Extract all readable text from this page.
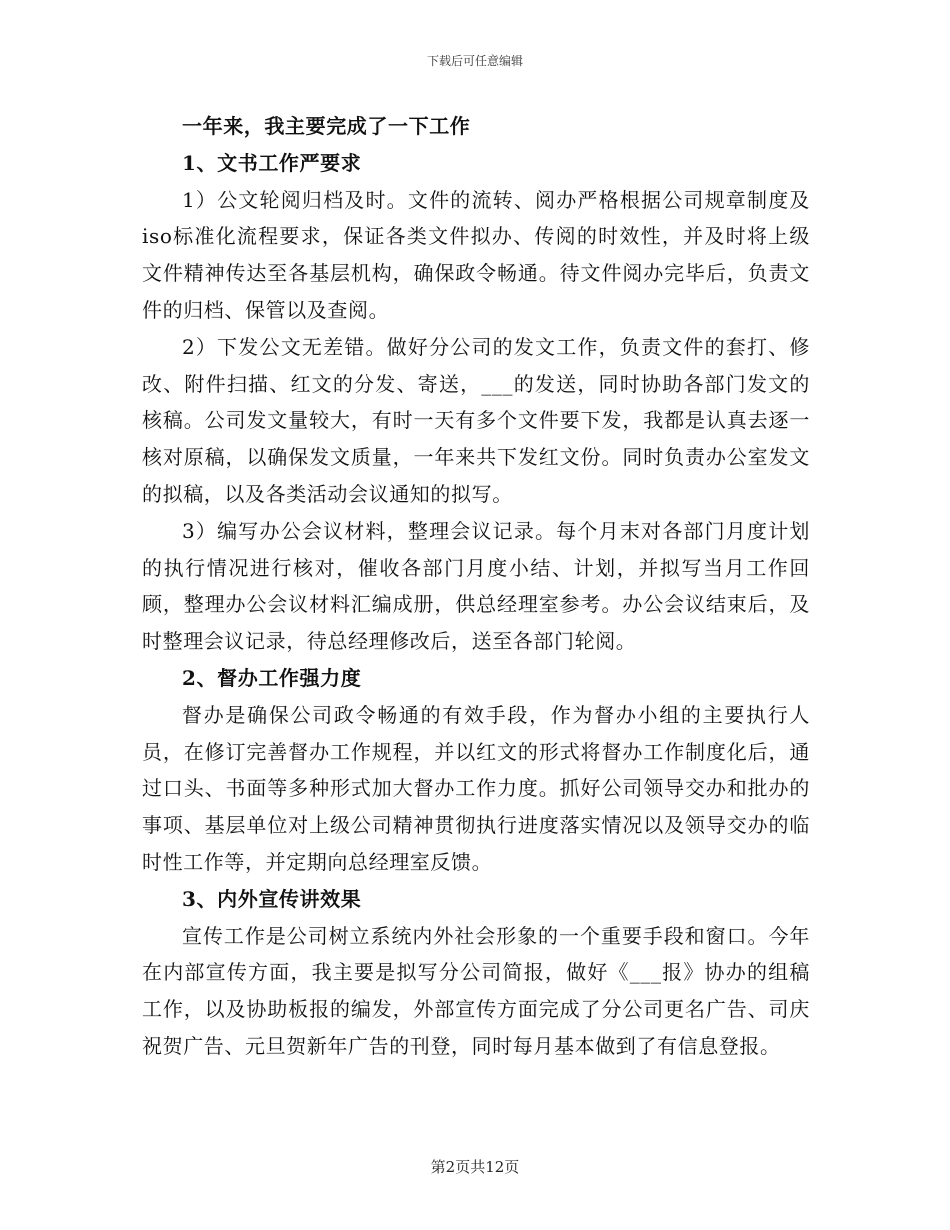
下载后可任意编辑

一年来，我主要完成了一下工作

1、文书工作严要求

1）公文轮阅归档及时。文件的流转、阅办严格根据公司规章制度及iso标准化流程要求，保证各类文件拟办、传阅的时效性，并及时将上级文件精神传达至各基层机构，确保政令畅通。待文件阅办完毕后，负责文件的归档、保管以及查阅。

2）下发公文无差错。做好分公司的发文工作，负责文件的套打、修改、附件扫描、红文的分发、寄送，___的发送，同时协助各部门发文的核稿。公司发文量较大，有时一天有多个文件要下发，我都是认真去逐一核对原稿，以确保发文质量，一年来共下发红文份。同时负责办公室发文的拟稿，以及各类活动会议通知的拟写。

3）编写办公会议材料，整理会议记录。每个月末对各部门月度计划的执行情况进行核对，催收各部门月度小结、计划，并拟写当月工作回顾，整理办公会议材料汇编成册，供总经理室参考。办公会议结束后，及时整理会议记录，待总经理修改后，送至各部门轮阅。

2、督办工作强力度

督办是确保公司政令畅通的有效手段，作为督办小组的主要执行人员，在修订完善督办工作规程，并以红文的形式将督办工作制度化后，通过口头、书面等多种形式加大督办工作力度。抓好公司领导交办和批办的事项、基层单位对上级公司精神贯彻执行进度落实情况以及领导交办的临时性工作等，并定期向总经理室反馈。

3、内外宣传讲效果

宣传工作是公司树立系统内外社会形象的一个重要手段和窗口。今年在内部宣传方面，我主要是拟写分公司简报，做好《___报》协办的组稿工作，以及协助板报的编发，外部宣传方面完成了分公司更名广告、司庆祝贺广告、元旦贺新年广告的刊登，同时每月基本做到了有信息登报。

第2页共12页
